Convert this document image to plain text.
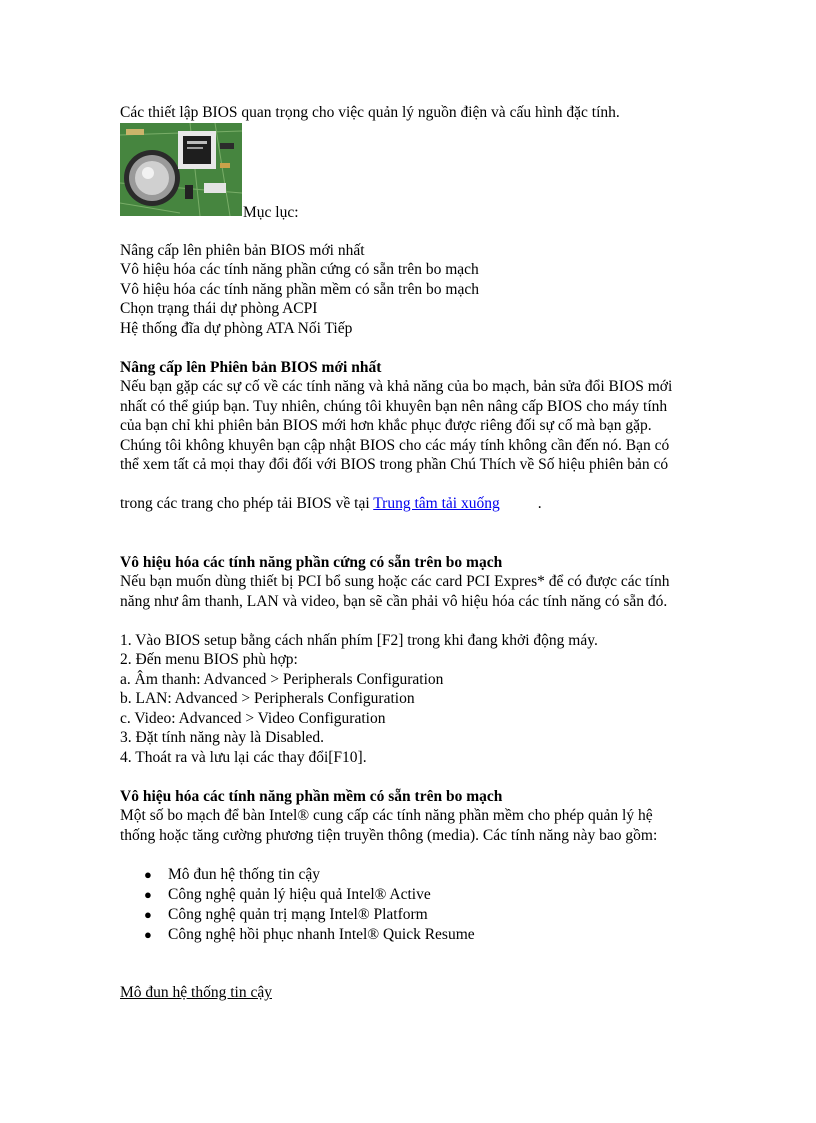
Các thiết lập BIOS quan trọng cho việc quản lý nguồn điện và cấu hình đặc tính.
Mục lục:
Nâng cấp lên phiên bản BIOS mới nhất
Vô hiệu hóa các tính năng phần cứng có sẵn trên bo mạch
Vô hiệu hóa các tính năng phần mềm có sẵn trên bo mạch
Chọn trạng thái dự phòng ACPI
Hệ thống đĩa dự phòng ATA Nối Tiếp
Nâng cấp lên Phiên bản BIOS mới nhất
Nếu bạn gặp các sự cố về các tính năng và khả năng của bo mạch, bản sửa đổi BIOS mới
nhất có thể giúp bạn. Tuy nhiên, chúng tôi khuyên bạn nên nâng cấp BIOS cho máy tính
của bạn chỉ khi phiên bản BIOS mới hơn khắc phục được riêng đối sự cố mà bạn gặp.
Chúng tôi không khuyên bạn cập nhật BIOS cho các máy tính không cần đến nó. Bạn có
thể xem tất cả mọi thay đổi đối với BIOS trong phần Chú Thích về Số hiệu phiên bản có
trong các trang cho phép tải BIOS về tại Trung tâm tải xuống .
Vô hiệu hóa các tính năng phần cứng có sẵn trên bo mạch
Nếu bạn muốn dùng thiết bị PCI bổ sung hoặc các card PCI Expres* để có được các tính
năng như âm thanh, LAN và video, bạn sẽ cần phải vô hiệu hóa các tính năng có sẵn đó.
1. Vào BIOS setup bằng cách nhấn phím [F2] trong khi đang khởi động máy.
2. Đến menu BIOS phù hợp:
a. Âm thanh: Advanced > Peripherals Configuration
b. LAN: Advanced > Peripherals Configuration
c. Video: Advanced > Video Configuration
3. Đặt tính năng này là Disabled.
4. Thoát ra và lưu lại các thay đổi[F10].
Vô hiệu hóa các tính năng phần mềm có sẵn trên bo mạch
Một số bo mạch để bàn Intel® cung cấp các tính năng phần mềm cho phép quản lý hệ
thống hoặc tăng cường phương tiện truyền thông (media). Các tính năng này bao gồm:
● Mô đun hệ thống tin cậy
● Công nghệ quản lý hiệu quả Intel® Active
● Công nghệ quản trị mạng Intel® Platform
● Công nghệ hồi phục nhanh Intel® Quick Resume
Mô đun hệ thống tin cậy
